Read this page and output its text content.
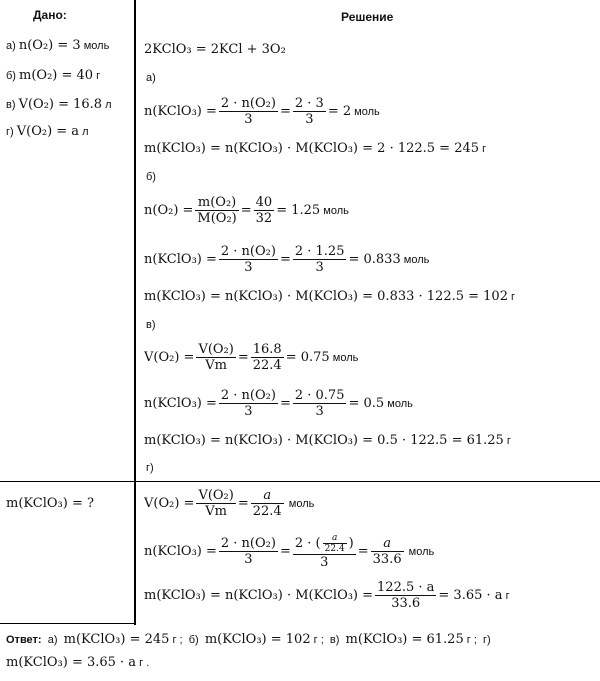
Дано:
а)
n(O₂) = 3
моль
б)
m(O₂) = 40
г
в)
V(O₂) = 16.8
л
г)
V(O₂) = a
л
m(KClO₃) = ?
Решение
2KClO₃ = 2KCl + 3O₂
а)
n(KClO₃) = $\frac{\text{2 · n(O₂)}}{3} = \frac{2 \cdot 3}{3} = 2$
моль
m(KClO₃) = n(KClO₃) · M(KClO₃) = 2 · 122.5 = 245
г
б)
$n(O_2) = \frac{\text{m(O₂)}}{\text{M(O₂)}} = \frac{40}{32} = 1.25$
моль
n(KClO₃) = $\frac{\text{2 · n(O₂)}}{3} = \frac{2 \cdot 1.25}{3} = 0.833$
моль
m(KClO₃) = n(KClO₃) · M(KClO₃) = 0.833 · 122.5 = 102
г
в)
$V(O_2) = \frac{\text{V(O₂)}}{Vm} = \frac{16.8}{22.4} = 0.75$
моль
n(KClO₃) = $\frac{\text{2 · n(O₂)}}{3} = \frac{2 \cdot 0.75}{3} = 0.5$
моль
m(KClO₃) = n(KClO₃) · M(KClO₃) = 0.5 · 122.5 = 61.25
г
г)
$V(O_2) = \frac{\text{V(O₂)}}{Vm} = \frac{a}{22.4}$
моль
n(KClO₃) = $\frac{\text{2 · n(O₂)}}{3} = \frac{2 \cdot ( \frac{a}{22.4} )}{3} = \frac{a}{33.6}$
моль
m(KClO₃) = n(KClO₃) · M(KClO₃) = $\frac{122.5 \cdot a}{33.6} = 3.65 \cdot a$
г
Ответ:
а)
m(KClO₃) = 245
г ;
б)
m(KClO₃) = 102
г ;
в)
m(KClO₃) = 61.25
г ;
г)
m(KClO₃) = 3.65 · a
г .
